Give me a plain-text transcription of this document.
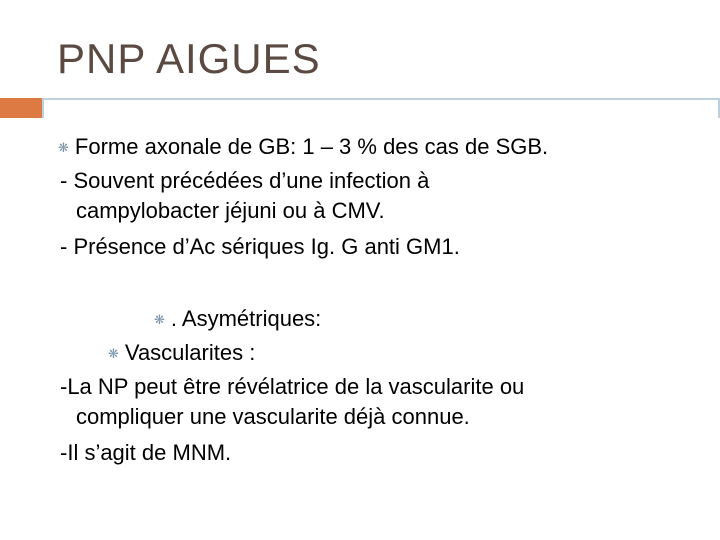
PNP AIGUES
❋ Forme axonale de GB: 1 – 3 % des cas de SGB.
- Souvent précédées d’une infection à
campylobacter jéjuni ou à CMV.
- Présence d’Ac sériques Ig. G anti GM1.
❋ . Asymétriques:
❋ Vascularites :
-La NP peut être révélatrice de la vascularite ou
compliquer une vascularite déjà connue.
-Il s’agit de MNM.
